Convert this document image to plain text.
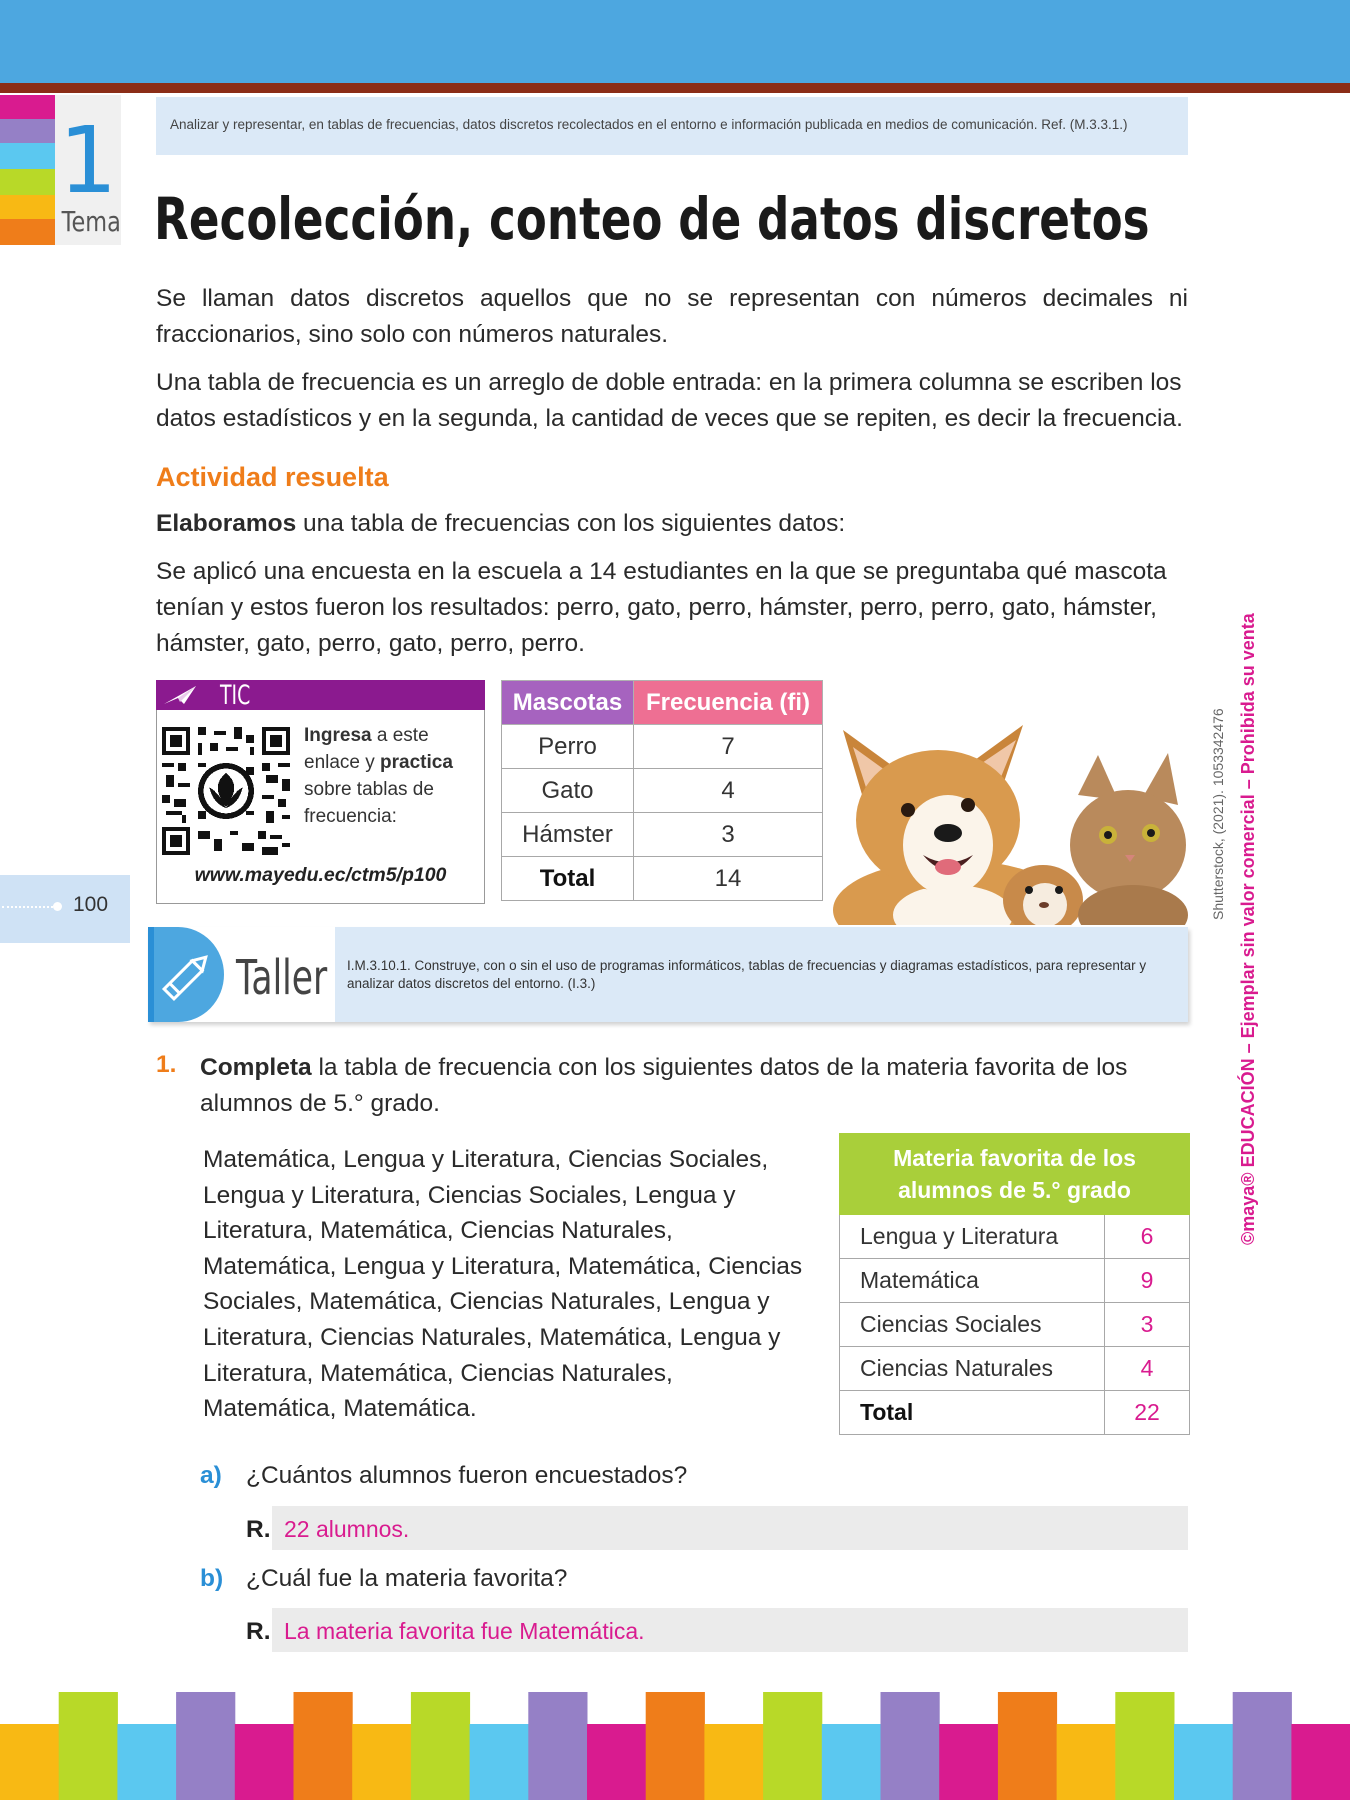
1
Tema
Analizar y representar, en tablas de frecuencias, datos discretos recolectados en el entorno e información publicada en medios de comunicación. Ref. (M.3.3.1.)
Recolección, conteo de datos discretos
Se llaman datos discretos aquellos que no se representan con números decimales ni fraccionarios, sino solo con números naturales.
Una tabla de frecuencia es un arreglo de doble entrada: en la primera columna se escriben los datos estadísticos y en la segunda, la cantidad de veces que se repiten, es decir la frecuencia.
Actividad resuelta
Elaboramos una tabla de frecuencias con los siguientes datos:
Se aplicó una encuesta en la escuela a 14 estudiantes en la que se preguntaba qué mascota tenían y estos fueron los resultados: perro, gato, perro, hámster, perro, perro, gato, hámster, hámster, gato, perro, gato, perro, perro.
TIC
Ingresa a este enlace y practica sobre tablas de frecuencia:
www.mayedu.ec/ctm5/p100
Mascotas	Frecuencia (fi)
Perro	7
Gato	4
Hámster	3
Total	14	Shutterstock, (2021). 1053342476 ©maya® EDUCACIÓN – Ejemplar sin valor comercial – Prohibida su venta
100
Taller I.M.3.10.1. Construye, con o sin el uso de programas informáticos, tablas de frecuencias y diagramas estadísticos, para representar y analizar datos discretos del entorno. (I.3.)
1. Completa la tabla de frecuencia con los siguientes datos de la materia favorita de los alumnos de 5.° grado.
Matemática, Lengua y Literatura, Ciencias Sociales, Lengua y Literatura, Ciencias Sociales, Lengua y Literatura, Matemática, Ciencias Naturales, Matemática, Lengua y Literatura, Matemática, Ciencias Sociales, Matemática, Ciencias Naturales, Lengua y Literatura, Ciencias Naturales, Matemática, Lengua y Literatura, Matemática, Ciencias Naturales, Matemática, Matemática.
Materia favorita de los alumnos de 5.° grado	
Lengua y Literatura	6
Matemática	9
Ciencias Sociales	3
Ciencias Naturales	4
Total	22
a) ¿Cuántos alumnos fueron encuestados?
R. 22 alumnos.
b) ¿Cuál fue la materia favorita?
R. La materia favorita fue Matemática.
